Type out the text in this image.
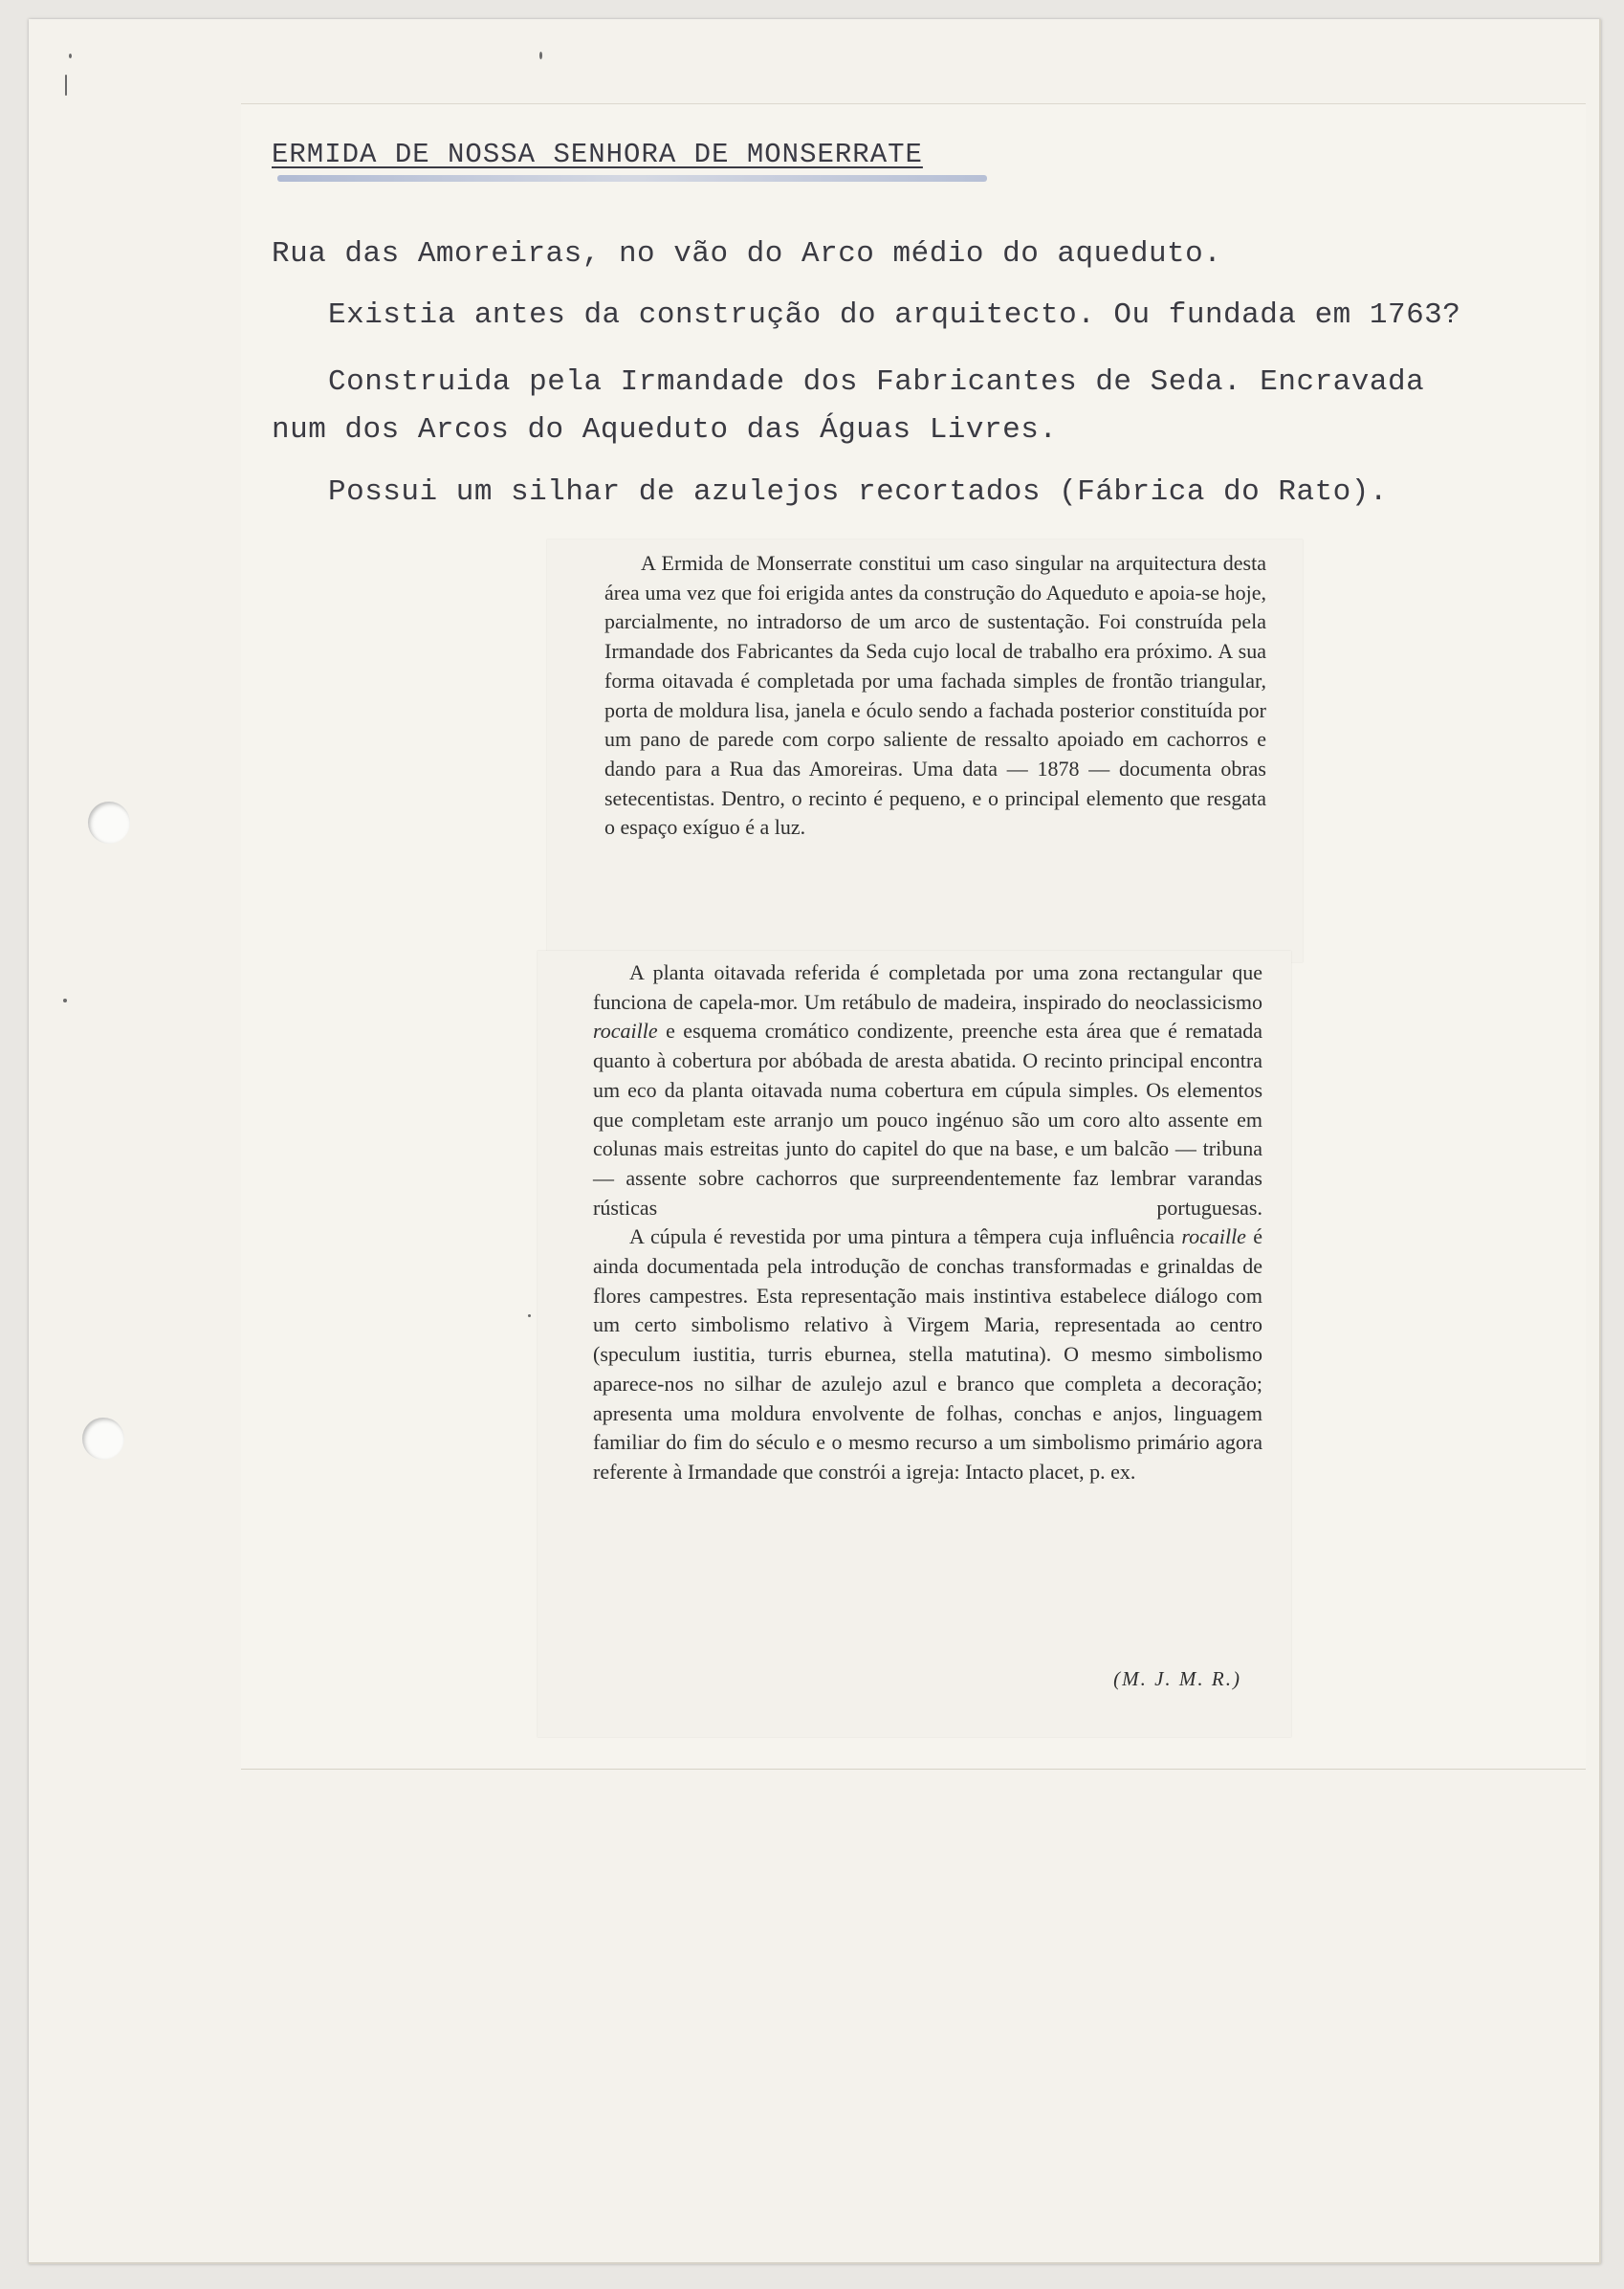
ERMIDA DE NOSSA SENHORA DE MONSERRATE
Rua das Amoreiras, no vão do Arco médio do aqueduto.
Existia antes da construção do arquitecto. Ou fundada em 1763?
Construida pela Irmandade dos Fabricantes de Seda. Encravada
num dos Arcos do Aqueduto das Águas Livres.
Possui um silhar de azulejos recortados (Fábrica do Rato).

A Ermida de Monserrate constitui um caso singular na arquitectura desta área uma vez que foi erigida antes da construção do Aqueduto e apoia-se hoje, parcialmente, no intradorso de um arco de sustentação. Foi construída pela Irmandade dos Fabricantes da Seda cujo local de trabalho era próximo. A sua forma oitavada é completada por uma fachada simples de frontão triangular, porta de moldura lisa, janela e óculo sendo a fachada posterior constituída por um pano de parede com corpo saliente de ressalto apoiado em cachorros e dando para a Rua das Amoreiras. Uma data — 1878 — documenta obras setecentistas. Dentro, o recinto é pequeno, e o principal elemento que resgata o espaço exíguo é a luz.

A planta oitavada referida é completada por uma zona rectangular que funciona de capela-mor. Um retábulo de madeira, inspirado do neoclassicismo rocaille e esquema cromático condizente, preenche esta área que é rematada quanto à cobertura por abóbada de aresta abatida. O recinto principal encontra um eco da planta oitavada numa cobertura em cúpula simples. Os elementos que completam este arranjo um pouco ingénuo são um coro alto assente em colunas mais estreitas junto do capitel do que na base, e um balcão — tribuna — assente sobre cachorros que surpreendentemente faz lembrar varandas rústicas portuguesas.

A cúpula é revestida por uma pintura a têmpera cuja influência rocaille é ainda documentada pela introdução de conchas transformadas e grinaldas de flores campestres. Esta representação mais instintiva estabelece diálogo com um certo simbolismo relativo à Virgem Maria, representada ao centro (speculum iustitia, turris eburnea, stella matutina). O mesmo simbolismo aparece-nos no silhar de azulejo azul e branco que completa a decoração; apresenta uma moldura envolvente de folhas, conchas e anjos, linguagem familiar do fim do século e o mesmo recurso a um simbolismo primário agora referente à Irmandade que constrói a igreja: Intacto placet, p. ex.

(M. J. M. R.)
